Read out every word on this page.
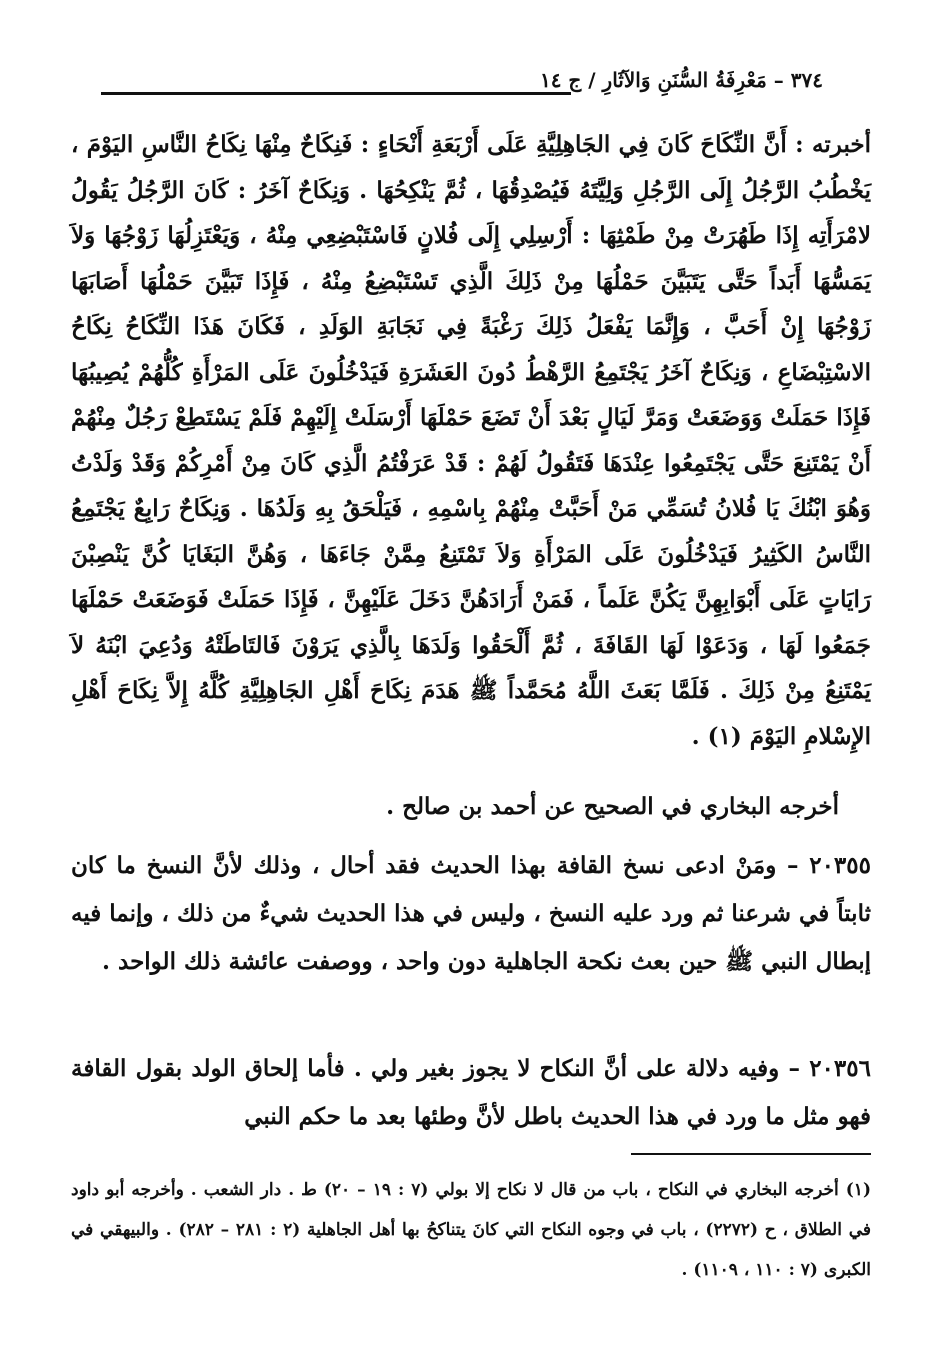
٣٧٤ – مَعْرِفَةُ السُّنَنِ وَالآثَارِ / ج ١٤

أخبرته : أَنَّ النِّكَاحَ كَانَ فِي الجَاهِلِيَّةِ عَلَى أَرْبَعَةِ أَنْحَاءٍ : فَنِكَاحٌ مِنْهَا نِكَاحُ النَّاسِ اليَوْمَ ، يَخْطُبُ الرَّجُلُ إِلَى الرَّجُلِ وَلِيَّتَهُ فَيُصْدِقُهَا ، ثُمَّ يَنْكِحُهَا . وَنِكَاحٌ آخَرُ : كَانَ الرَّجُلُ يَقُولُ لامْرَأَتِه إِذَا طَهُرَتْ مِنْ طَمْثِهَا : أَرْسِلِي إِلَى فُلانٍ فَاسْتَبْضِعِي مِنْهُ ، وَيَعْتَزِلُهَا زَوْجُهَا وَلاَ يَمَسُّهَا أَبَداً حَتَّى يَتَبَيَّنَ حَمْلُهَا مِنْ ذَلِكَ الَّذِي تَسْتَبْضِعُ مِنْهُ ، فَإِذَا تَبَيَّنَ حَمْلُهَا أَصَابَهَا زَوْجُهَا إِنْ أَحَبَّ ، وَإِنَّمَا يَفْعَلُ ذَلِكَ رَغْبَةً فِي نَجَابَةِ الوَلَدِ ، فَكَانَ هَذَا النِّكَاحُ نِكَاحُ الاسْتِبْضَاعِ ، وَنِكَاحٌ آخَرُ يَجْتَمِعُ الرَّهْطُ دُونَ العَشَرَةِ فَيَدْخُلُونَ عَلَى المَرْأَةِ كُلُّهُمْ يُصِيبُهَا فَإِذَا حَمَلَتْ وَوَضَعَتْ وَمَرَّ لَيَالٍ بَعْدَ أَنْ تَضَعَ حَمْلَهَا أَرْسَلَتْ إِلَيْهِمْ فَلَمْ يَسْتَطِعْ رَجُلٌ مِنْهُمْ أَنْ يَمْتَنِعَ حَتَّى يَجْتَمِعُوا عِنْدَهَا فَتَقُولُ لَهُمْ : قَدْ عَرَفْتُمُ الَّذِي كَانَ مِنْ أَمْرِكُمْ وَقَدْ وَلَدْتُ وَهُوَ ابْنُكَ يَا فُلانُ تُسَمِّي مَنْ أَحَبَّتْ مِنْهُمْ بِاسْمِهِ ، فَيَلْحَقُ بِهِ وَلَدُهَا . وَنِكَاحٌ رَابِعٌ يَجْتَمِعُ النَّاسُ الكَثِيرُ فَيَدْخُلُونَ عَلَى المَرْأَةِ وَلاَ تَمْتَنِعُ مِمَّنْ جَاءَهَا ، وَهُنَّ البَغَايَا كُنَّ يَنْصِبْنَ رَايَاتٍ عَلَى أَبْوَابِهِنَّ يَكُنَّ عَلَماً ، فَمَنْ أَرَادَهُنَّ دَخَلَ عَلَيْهِنَّ ، فَإِذَا حَمَلَتْ فَوَضَعَتْ حَمْلَهَا جَمَعُوا لَهَا ، وَدَعَوْا لَهَا القَافَةَ ، ثُمَّ أَلْحَقُوا وَلَدَهَا بِالَّذِي يَرَوْنَ فَالتَاطَتْهُ وَدُعِيَ ابْنَهُ لاَ يَمْتَنِعُ مِنْ ذَلِكَ . فَلَمَّا بَعَثَ اللَّهُ مُحَمَّداً ﷺ هَدَمَ نِكَاحَ أَهْلِ الجَاهِلِيَّةِ كُلَّهُ إِلاَّ نِكَاحَ أَهْلِ الإِسْلامِ اليَوْمَ (١) .

أخرجه البخاري في الصحيح عن أحمد بن صالح .
٢٠٣٥٥ – ومَنْ ادعى نسخ القافة بهذا الحديث فقد أحال ، وذلك لأنَّ النسخ ما كان ثابتاً في شرعنا ثم ورد عليه النسخ ، وليس في هذا الحديث شيءٌ من ذلك ، وإنما فيه إبطال النبي ﷺ حين بعث نكحة الجاهلية دون واحد ، ووصفت عائشة ذلك الواحد .
٢٠٣٥٦ – وفيه دلالة على أنَّ النكاح لا يجوز بغير ولي . فأما إلحاق الولد بقول القافة فهو مثل ما ورد في هذا الحديث باطل لأنَّ وطئها بعد ما حكم النبي
(١) أخرجه البخاري في النكاح ، باب من قال لا نكاح إلا بولي (٧ : ١٩ – ٢٠) ط . دار الشعب . وأخرجه أبو داود في الطلاق ، ح (٢٢٧٢) ، باب في وجوه النكاح التي كانَ يتناكحُ بها أهل الجاهلية (٢ : ٢٨١ – ٢٨٢) . والبيهقي في الكبرى (٧ : ١١٠ ، ١١٠٩) .
